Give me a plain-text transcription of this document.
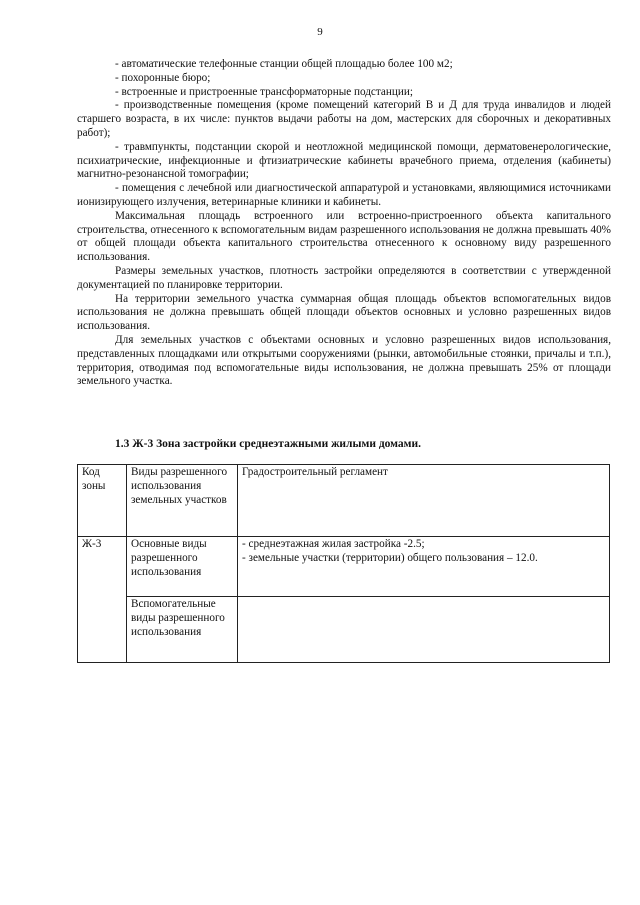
9

- автоматические телефонные станции общей площадью более 100 м2;

- похоронные бюро;

- встроенные и пристроенные трансформаторные подстанции;

- производственные помещения (кроме помещений категорий В и Д для труда инвалидов и людей старшего возраста, в их числе: пунктов выдачи работы на дом, мастерских для сборочных и декоративных работ);

- травмпункты, подстанции скорой и неотложной медицинской помощи, дерматовенерологические, психиатрические, инфекционные и фтизиатрические кабинеты врачебного приема, отделения (кабинеты) магнитно-резонансной томографии;

- помещения с лечебной или диагностической аппаратурой и установками, являющимися источниками ионизирующего излучения, ветеринарные клиники и кабинеты.

Максимальная площадь встроенного или встроенно-пристроенного объекта капитального строительства, отнесенного к вспомогательным видам разрешенного использования не должна превышать 40% от общей площади объекта капитального строительства отнесенного к основному виду разрешенного использования.

Размеры земельных участков, плотность застройки определяются в соответствии с утвержденной документацией по планировке территории.

На территории земельного участка суммарная общая площадь объектов вспомогательных видов использования не должна превышать общей площади объектов основных и условно разрешенных видов использования.

Для земельных участков с объектами основных и условно разрешенных видов использования, представленных площадками или открытыми сооружениями (рынки, автомобильные стоянки, причалы и т.п.), территория, отводимая под вспомогательные виды использования, не должна превышать 25% от площади земельного участка.

1.3 Ж-3 Зона застройки среднеэтажными жилыми домами.
Код зоны	Виды разрешенного использования земельных участков	Градостроительный регламент
Ж-3	Основные виды разрешенного использования	- среднеэтажная жилая застройка -2.5;
- земельные участки (территории) общего пользования – 12.0.

	Вспомогательные виды разрешенного использования	
